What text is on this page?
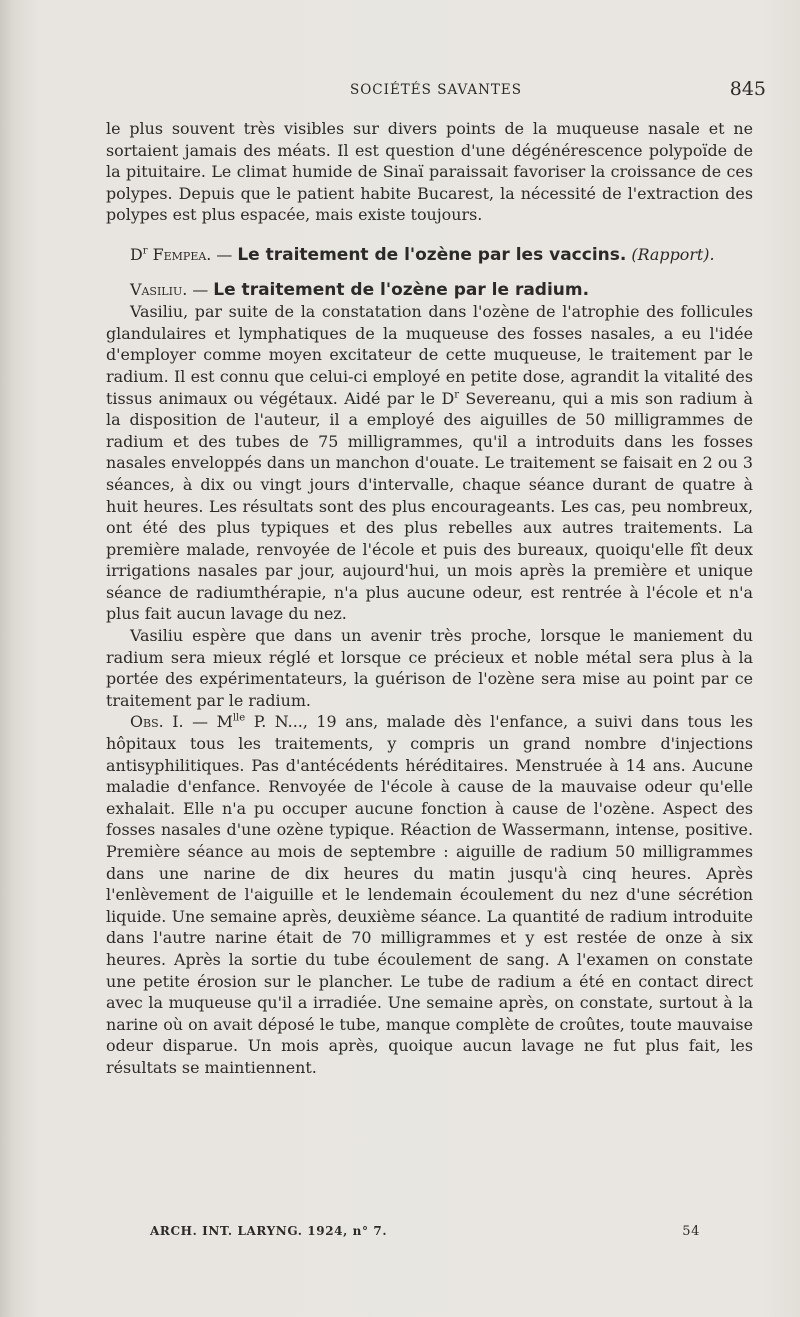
SOCIÉTÉS SAVANTES	845

le plus souvent très visibles sur divers points de la muqueuse nasale et ne sortaient jamais des méats. Il est question d'une dégénérescence polypoïde de la pituitaire. Le climat humide de Sinaï paraissait favoriser la croissance de ces polypes. Depuis que le patient habite Bucarest, la nécessité de l'extraction des polypes est plus espacée, mais existe toujours.

$D^r$ Fempea. — Le traitement de l'ozène par les vaccins. (Rapport).

Vasiliu. — Le traitement de l'ozène par le radium.

Vasiliu, par suite de la constatation dans l'ozène de l'atrophie des follicules glandulaires et lymphatiques de la muqueuse des fosses nasales, a eu l'idée d'employer comme moyen excitateur de cette muqueuse, le traitement par le radium. Il est connu que celui-ci employé en petite dose, agrandit la vitalité des tissus animaux ou végétaux. Aidé par le $D^r$ Severeanu, qui a mis son radium à la disposition de l'auteur, il a employé des aiguilles de 50 milligrammes de radium et des tubes de 75 milligrammes, qu'il a introduits dans les fosses nasales enveloppés dans un manchon d'ouate. Le traitement se faisait en 2 ou 3 séances, à dix ou vingt jours d'intervalle, chaque séance durant de quatre à huit heures. Les résultats sont des plus encourageants. Les cas, peu nombreux, ont été des plus typiques et des plus rebelles aux autres traitements. La première malade, renvoyée de l'école et puis des bureaux, quoiqu'elle fît deux irrigations nasales par jour, aujourd'hui, un mois après la première et unique séance de radiumthérapie, n'a plus aucune odeur, est rentrée à l'école et n'a plus fait aucun lavage du nez.

Vasiliu espère que dans un avenir très proche, lorsque le maniement du radium sera mieux réglé et lorsque ce précieux et noble métal sera plus à la portée des expérimentateurs, la guérison de l'ozène sera mise au point par ce traitement par le radium.

Obs. I. — $M^{lle}$ P. N..., 19 ans, malade dès l'enfance, a suivi dans tous les hôpitaux tous les traitements, y compris un grand nombre d'injections antisyphilitiques. Pas d'antécédents héréditaires. Menstruée à 14 ans. Aucune maladie d'enfance. Renvoyée de l'école à cause de la mauvaise odeur qu'elle exhalait. Elle n'a pu occuper aucune fonction à cause de l'ozène. Aspect des fosses nasales d'une ozène typique. Réaction de Wassermann, intense, positive. Première séance au mois de septembre : aiguille de radium 50 milligrammes dans une narine de dix heures du matin jusqu'à cinq heures. Après l'enlèvement de l'aiguille et le lendemain écoulement du nez d'une sécrétion liquide. Une semaine après, deuxième séance. La quantité de radium introduite dans l'autre narine était de 70 milligrammes et y est restée de onze à six heures. Après la sortie du tube écoulement de sang. A l'examen on constate une petite érosion sur le plancher. Le tube de radium a été en contact direct avec la muqueuse qu'il a irradiée. Une semaine après, on constate, surtout à la narine où on avait déposé le tube, manque complète de croûtes, toute mauvaise odeur disparue. Un mois après, quoique aucun lavage ne fut plus fait, les résultats se maintiennent.

ARCH. INT. LARYNG. 1924, n° 7.	54
